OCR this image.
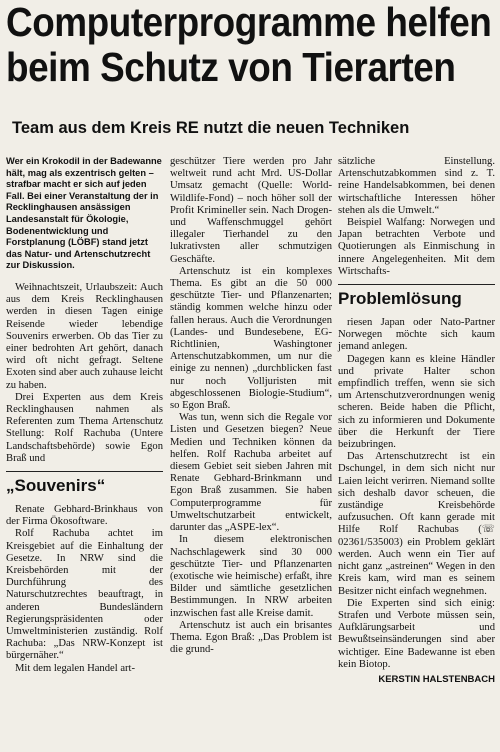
Computerprogramme helfen
beim Schutz von Tierarten
Team aus dem Kreis RE nutzt die neuen Techniken

Wer ein Krokodil in der Badewanne hält, mag als exzentrisch gelten – strafbar macht er sich auf jeden Fall. Bei einer Veranstaltung der in Recklinghausen ansässigen Landesanstalt für Ökologie, Bodenentwicklung und Forstplanung (LÖBF) stand jetzt das Natur- und Artenschutzrecht zur Diskussion.

Weihnachtszeit, Urlaubszeit: Auch aus dem Kreis Recklinghausen werden in diesen Tagen einige Reisende wieder lebendige Souvenirs erwerben. Ob das Tier zu einer bedrohten Art gehört, danach wird oft nicht gefragt. Seltene Exoten sind aber auch zuhause leicht zu haben.

Drei Experten aus dem Kreis Recklinghausen nahmen als Referenten zum Thema Artenschutz Stellung: Rolf Rachuba (Untere Landschaftsbehörde) sowie Egon Braß und

„Souvenirs“

Renate Gebhard-Brinkhaus von der Firma Ökosoftware.

Rolf Rachuba achtet im Kreisgebiet auf die Einhaltung der Gesetze. In NRW sind die Kreisbehörden mit der Durchführung des Naturschutzrechtes beauftragt, in anderen Bundesländern Regierungspräsidenten oder Umweltministerien zuständig. Rolf Rachuba: „Das NRW-Konzept ist bürgernäher.“

Mit dem legalen Handel art-

geschützer Tiere werden pro Jahr weltweit rund acht Mrd. US-Dollar Umsatz gemacht (Quelle: World-Wildlife-Fond) – noch höher soll der Profit Krimineller sein. Nach Drogen- und Waffenschmuggel gehört illegaler Tierhandel zu den lukrativsten aller schmutzigen Geschäfte.

Artenschutz ist ein komplexes Thema. Es gibt an die 50 000 geschützte Tier- und Pflanzenarten; ständig kommen welche hinzu oder fallen heraus. Auch die Verordnungen (Landes- und Bundesebene, EG-Richtlinien, Washingtoner Artenschutzabkommen, um nur die einige zu nennen) „durchblicken fast nur noch Volljuristen mit abgeschlossenen Biologie-Studium“, so Egon Braß.

Was tun, wenn sich die Regale vor Listen und Gesetzen biegen? Neue Medien und Techniken können da helfen. Rolf Rachuba arbeitet auf diesem Gebiet seit sieben Jahren mit Renate Gebhard-Brinkmann und Egon Braß zusammen. Sie haben Computerprogramme für Umweltschutzarbeit entwickelt, darunter das „ASPE-lex“.

In diesem elektronischen Nachschlagewerk sind 30 000 geschützte Tier- und Pflanzenarten (exotische wie heimische) erfaßt, ihre Bilder und sämtliche gesetzlichen Bestimmungen. In NRW arbeiten inzwischen fast alle Kreise damit.

Artenschutz ist auch ein brisantes Thema. Egon Braß: „Das Problem ist die grund-

sätzliche Einstellung. Artenschutzabkommen sind z. T. reine Handelsabkommen, bei denen wirtschaftliche Interessen höher stehen als die Umwelt.“

Beispiel Walfang: Norwegen und Japan betrachten Verbote und Quotierungen als Einmischung in innere Angelegenheiten. Mit dem Wirtschafts-

Problemlösung

riesen Japan oder Nato-Partner Norwegen möchte sich kaum jemand anlegen.

Dagegen kann es kleine Händler und private Halter schon empfindlich treffen, wenn sie sich um Artenschutzverordnungen wenig scheren. Beide haben die Pflicht, sich zu informieren und Dokumente über die Herkunft der Tiere beizubringen.

Das Artenschutzrecht ist ein Dschungel, in dem sich nicht nur Laien leicht verirren. Niemand sollte sich deshalb davor scheuen, die zuständige Kreisbehörde aufzusuchen. Oft kann gerade mit Hilfe Rolf Rachubas (☏ 02361/535003) ein Problem geklärt werden. Auch wenn ein Tier auf nicht ganz „astreinen“ Wegen in den Kreis kam, wird man es seinem Besitzer nicht einfach wegnehmen.

Die Experten sind sich einig: Strafen und Verbote müssen sein, Aufklärungsarbeit und Bewußtseinsänderungen sind aber wichtiger. Eine Badewanne ist eben kein Biotop.

KERSTIN HALSTENBACH
